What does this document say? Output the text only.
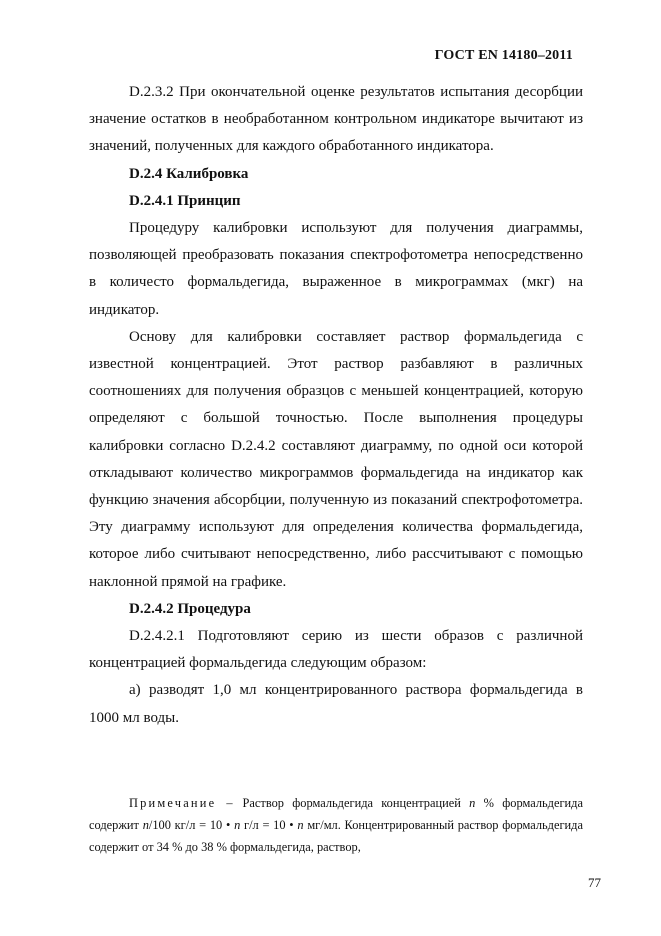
ГОСТ EN 14180–2011

D.2.3.2 При окончательной оценке результатов испытания десорбции значение остатков в необработанном контрольном индикаторе вычитают из значений, полученных для каждого обработанного индикатора.

D.2.4 Калибровка

D.2.4.1 Принцип

Процедуру калибровки используют для получения диаграммы, позволяющей преобразовать показания спектрофотометра непосредственно в количесто формальдегида, выраженное в микрограммах (мкг) на индикатор.

Основу для калибровки составляет раствор формальдегида с известной концентрацией. Этот раствор разбавляют в различных соотношениях для получения образцов с меньшей концентрацией, которую определяют с большой точностью. После выполнения процедуры калибровки согласно D.2.4.2 составляют диаграмму, по одной оси которой откладывают количество микрограммов формальдегида на индикатор как функцию значения абсорбции, полученную из показаний спектрофотометра. Эту диаграмму используют для определения количества формальдегида, которое либо считывают непосредственно, либо рассчитывают с помощью наклонной прямой на графике.

D.2.4.2 Процедура

D.2.4.2.1 Подготовляют серию из шести образов с различной концентрацией формальдегида следующим образом:

а) разводят 1,0 мл концентрированного раствора формальдегида в 1000 мл воды.

Примечание – Раствор формальдегида концентрацией n % формальдегида содержит n/100 кг/л = 10 • n г/л = 10 • n мг/мл. Концентрированный раствор формальдегида содержит от 34 % до 38 % формальдегида, раствор,
77
